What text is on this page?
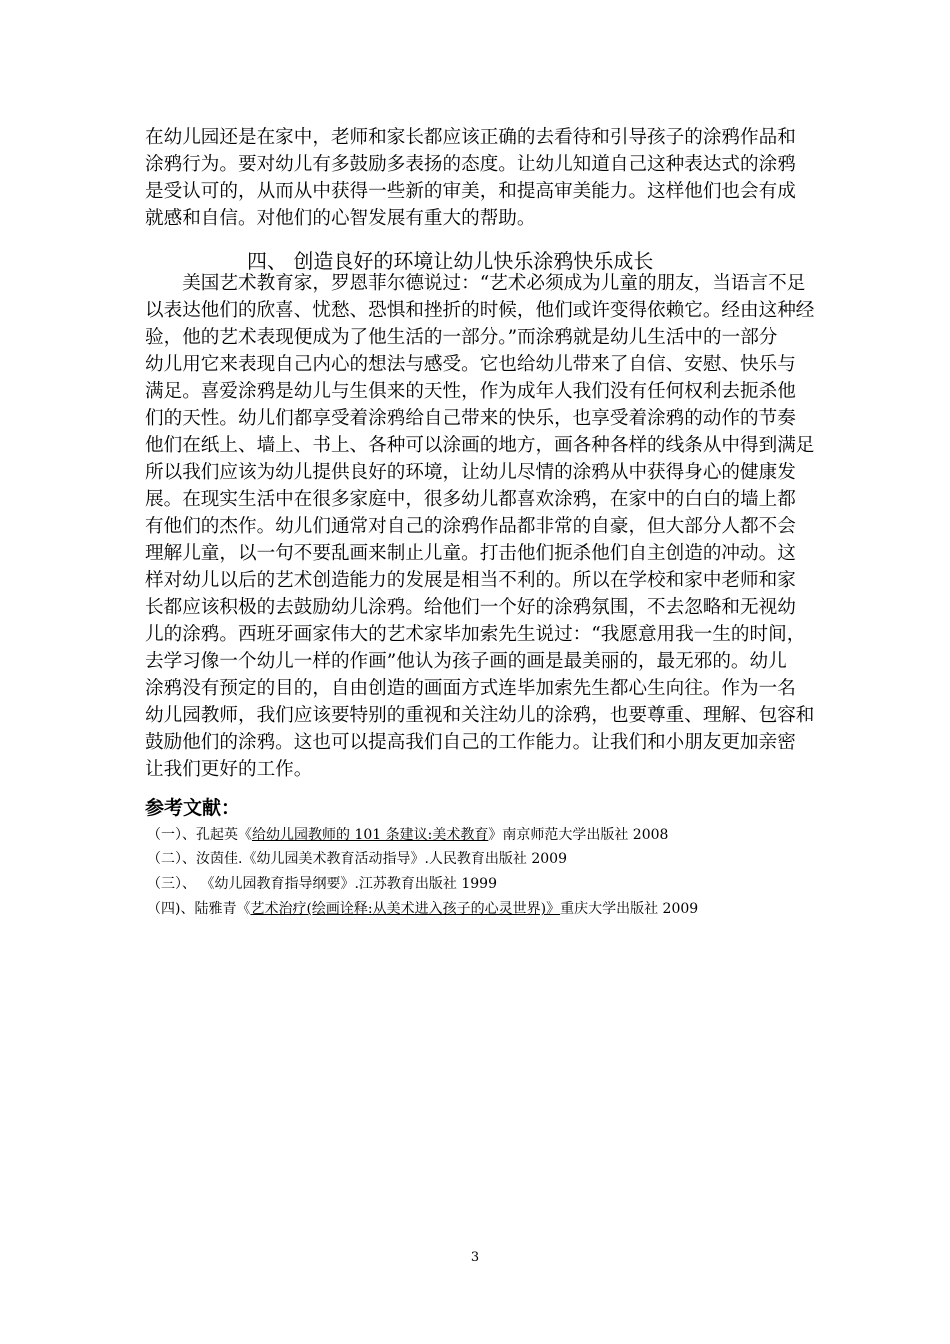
在幼儿园还是在家中，老师和家长都应该正确的去看待和引导孩子的涂鸦作品和
涂鸦行为。要对幼儿有多鼓励多表扬的态度。让幼儿知道自己这种表达式的涂鸦
是受认可的，从而从中获得一些新的审美，和提高审美能力。这样他们也会有成
就感和自信。对他们的心智发展有重大的帮助。
四、 创造良好的环境让幼儿快乐涂鸦快乐成长
　　美国艺术教育家，罗恩菲尔德说过：“艺术必须成为儿童的朋友，当语言不足
以表达他们的欣喜、忧愁、恐惧和挫折的时候，他们或许变得依赖它。经由这种经
验，他的艺术表现便成为了他生活的一部分。”而涂鸦就是幼儿生活中的一部分
幼儿用它来表现自己内心的想法与感受。它也给幼儿带来了自信、安慰、快乐与
满足。喜爱涂鸦是幼儿与生俱来的天性，作为成年人我们没有任何权利去扼杀他
们的天性。幼儿们都享受着涂鸦给自己带来的快乐，也享受着涂鸦的动作的节奏
他们在纸上、墙上、书上、各种可以涂画的地方，画各种各样的线条从中得到满足
所以我们应该为幼儿提供良好的环境，让幼儿尽情的涂鸦从中获得身心的健康发
展。在现实生活中在很多家庭中，很多幼儿都喜欢涂鸦，在家中的白白的墙上都
有他们的杰作。幼儿们通常对自己的涂鸦作品都非常的自豪，但大部分人都不会
理解儿童，以一句不要乱画来制止儿童。打击他们扼杀他们自主创造的冲动。这
样对幼儿以后的艺术创造能力的发展是相当不利的。所以在学校和家中老师和家
长都应该积极的去鼓励幼儿涂鸦。给他们一个好的涂鸦氛围，不去忽略和无视幼
儿的涂鸦。西班牙画家伟大的艺术家毕加索先生说过：“我愿意用我一生的时间，
去学习像一个幼儿一样的作画”他认为孩子画的画是最美丽的，最无邪的。幼儿
涂鸦没有预定的目的，自由创造的画面方式连毕加索先生都心生向往。作为一名
幼儿园教师，我们应该要特别的重视和关注幼儿的涂鸦，也要尊重、理解、包容和
鼓励他们的涂鸦。这也可以提高我们自己的工作能力。让我们和小朋友更加亲密
让我们更好的工作。
参考文献：
（一）、孔起英《给幼儿园教师的 101 条建议:美术教育》南京师范大学出版社 2008
（二）、汝茵佳.《幼儿园美术教育活动指导》.人民教育出版社 2009
（三）、 《幼儿园教育指导纲要》.江苏教育出版社 1999
（四)、陆雅青《艺术治疗(绘画诠释:从美术进入孩子的心灵世界)》重庆大学出版社 2009
3
